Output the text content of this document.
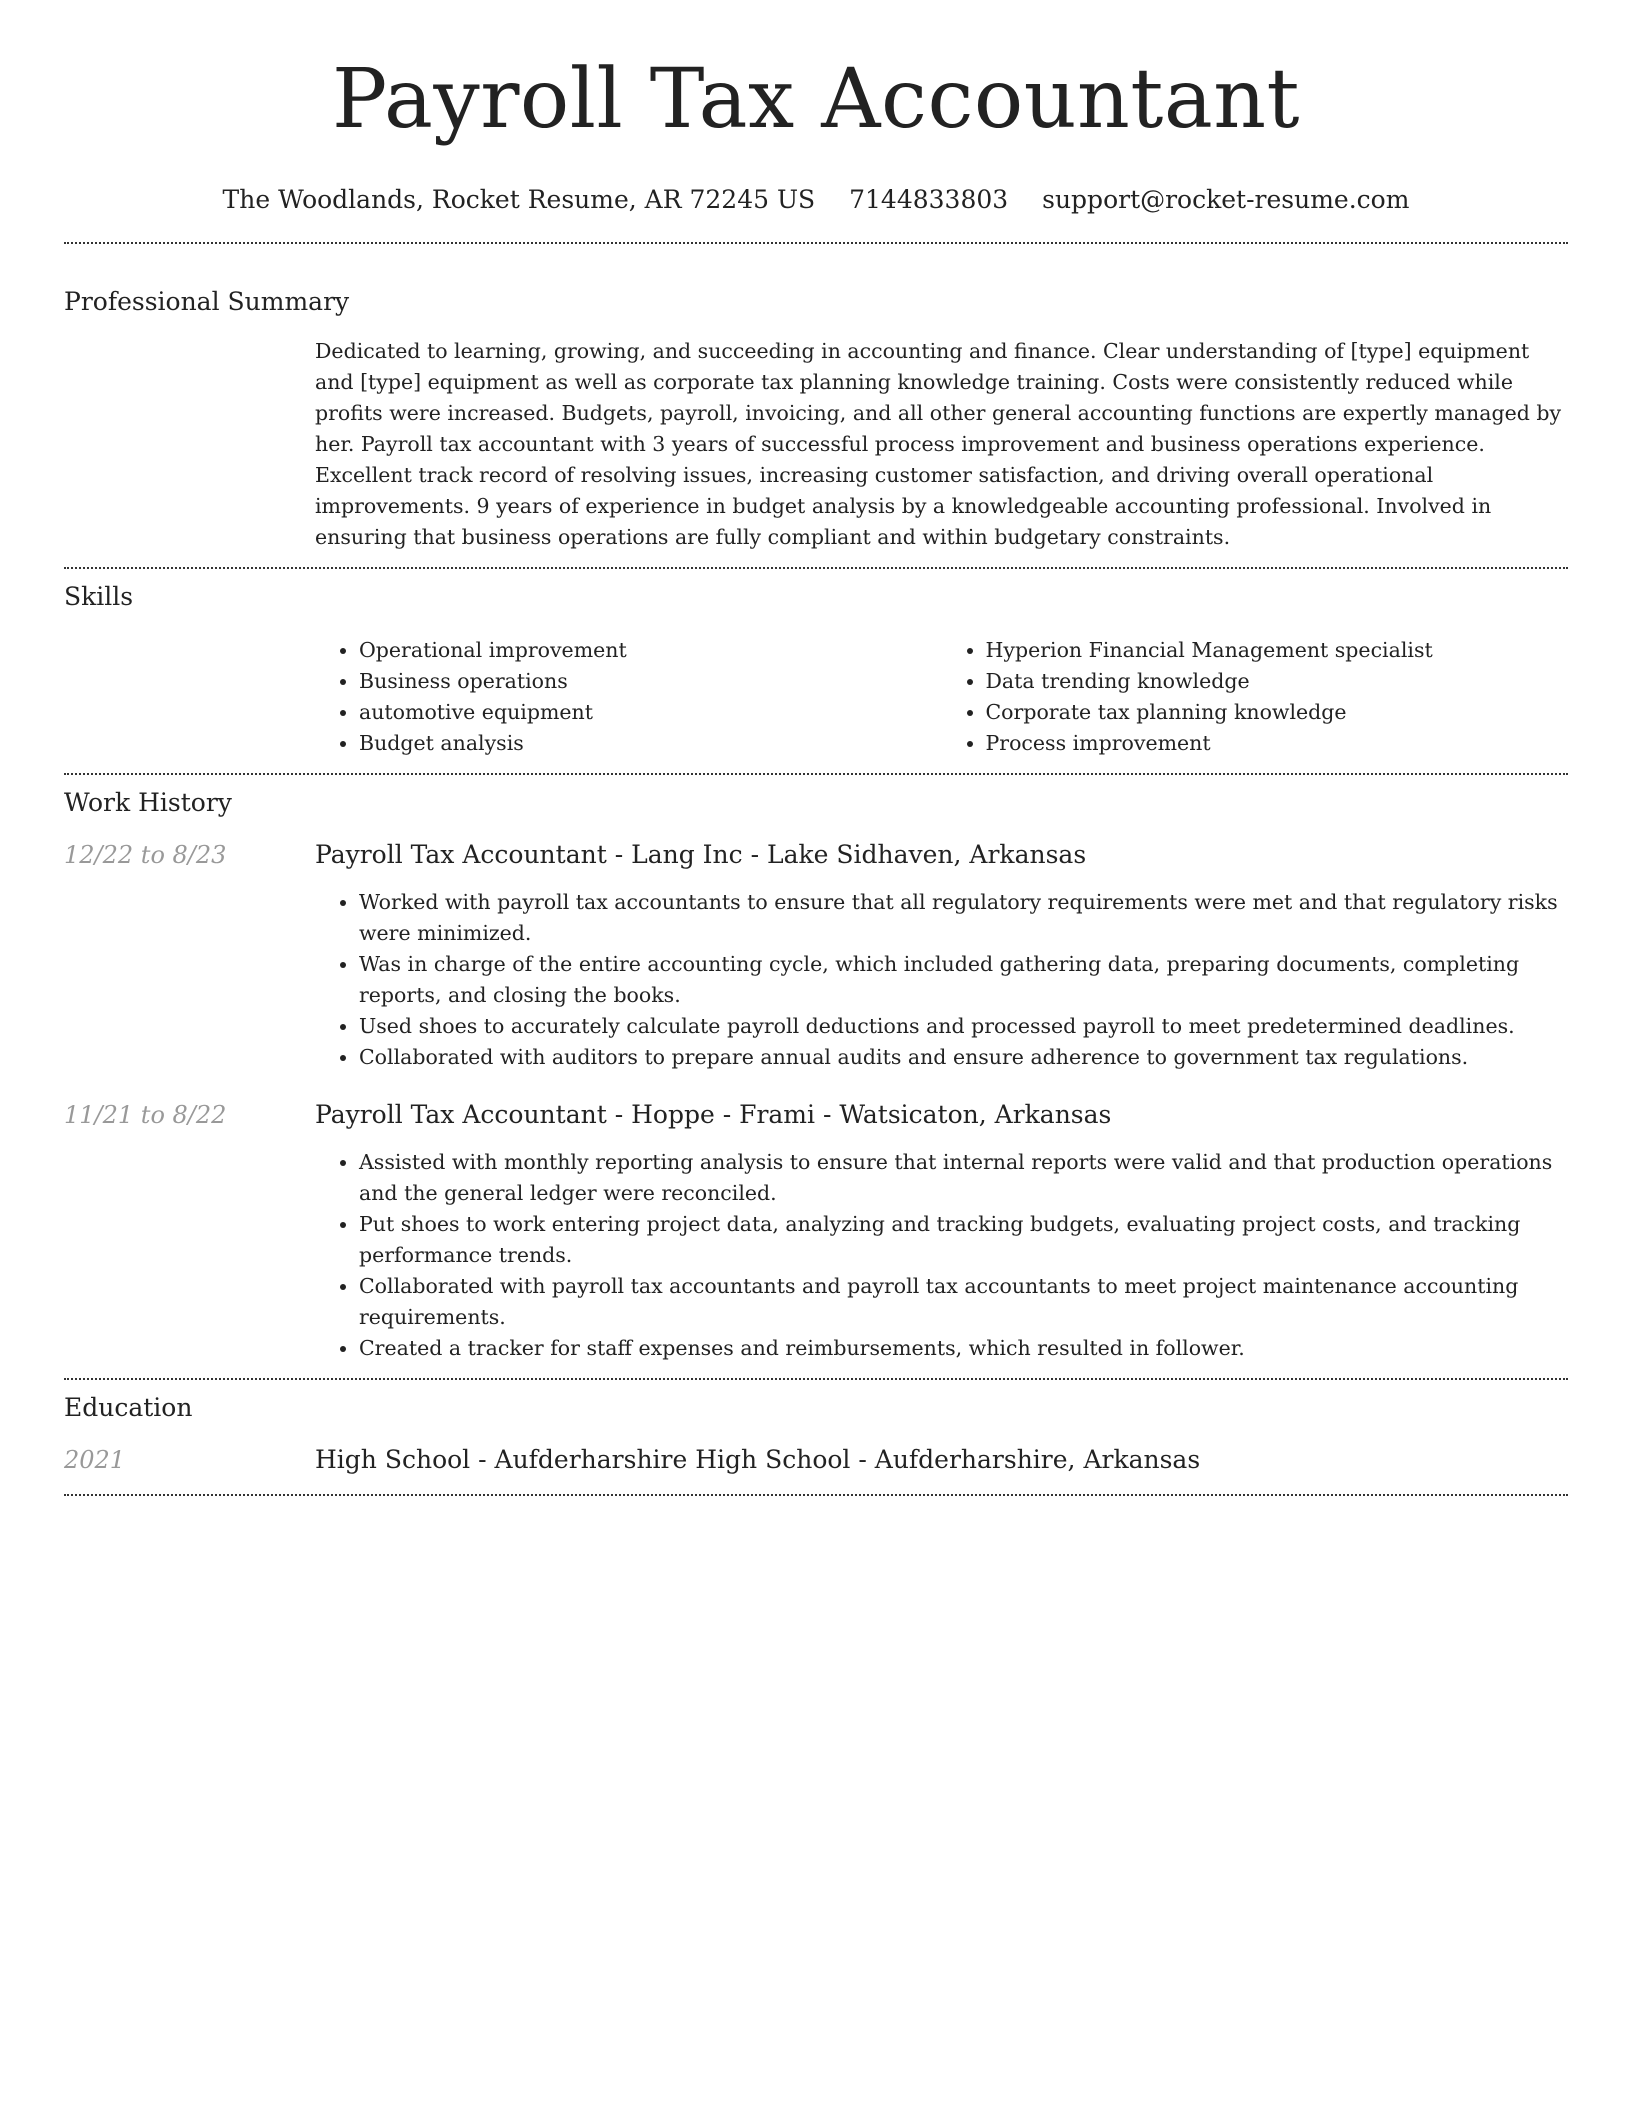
Payroll Tax Accountant
The Woodlands, Rocket Resume, AR 72245 US 7144833803 support@rocket-resume.com
Professional Summary

Dedicated to learning, growing, and succeeding in accounting and finance. Clear understanding of [type] equipment and [type] equipment as well as corporate tax planning knowledge training. Costs were consistently reduced while profits were increased. Budgets, payroll, invoicing, and all other general accounting functions are expertly managed by her. Payroll tax accountant with 3 years of successful process improvement and business operations experience. Excellent track record of resolving issues, increasing customer satisfaction, and driving overall operational improvements. 9 years of experience in budget analysis by a knowledgeable accounting professional. Involved in ensuring that business operations are fully compliant and within budgetary constraints.

Skills
• Operational improvement
• Business operations
• automotive equipment
• Budget analysis
• Hyperion Financial Management specialist
• Data trending knowledge
• Corporate tax planning knowledge
• Process improvement
Work History
12/22 to 8/23	Payroll Tax Accountant - Lang Inc - Lake Sidhaven, Arkansas
• Worked with payroll tax accountants to ensure that all regulatory requirements were met and that regulatory risks were minimized.
• Was in charge of the entire accounting cycle, which included gathering data, preparing documents, completing reports, and closing the books.
• Used shoes to accurately calculate payroll deductions and processed payroll to meet predetermined deadlines.
• Collaborated with auditors to prepare annual audits and ensure adherence to government tax regulations.
11/21 to 8/22	Payroll Tax Accountant - Hoppe - Frami - Watsicaton, Arkansas
• Assisted with monthly reporting analysis to ensure that internal reports were valid and that production operations and the general ledger were reconciled.
• Put shoes to work entering project data, analyzing and tracking budgets, evaluating project costs, and tracking performance trends.
• Collaborated with payroll tax accountants and payroll tax accountants to meet project maintenance accounting requirements.
• Created a tracker for staff expenses and reimbursements, which resulted in follower.
Education
2021	High School - Aufderharshire High School - Aufderharshire, Arkansas
